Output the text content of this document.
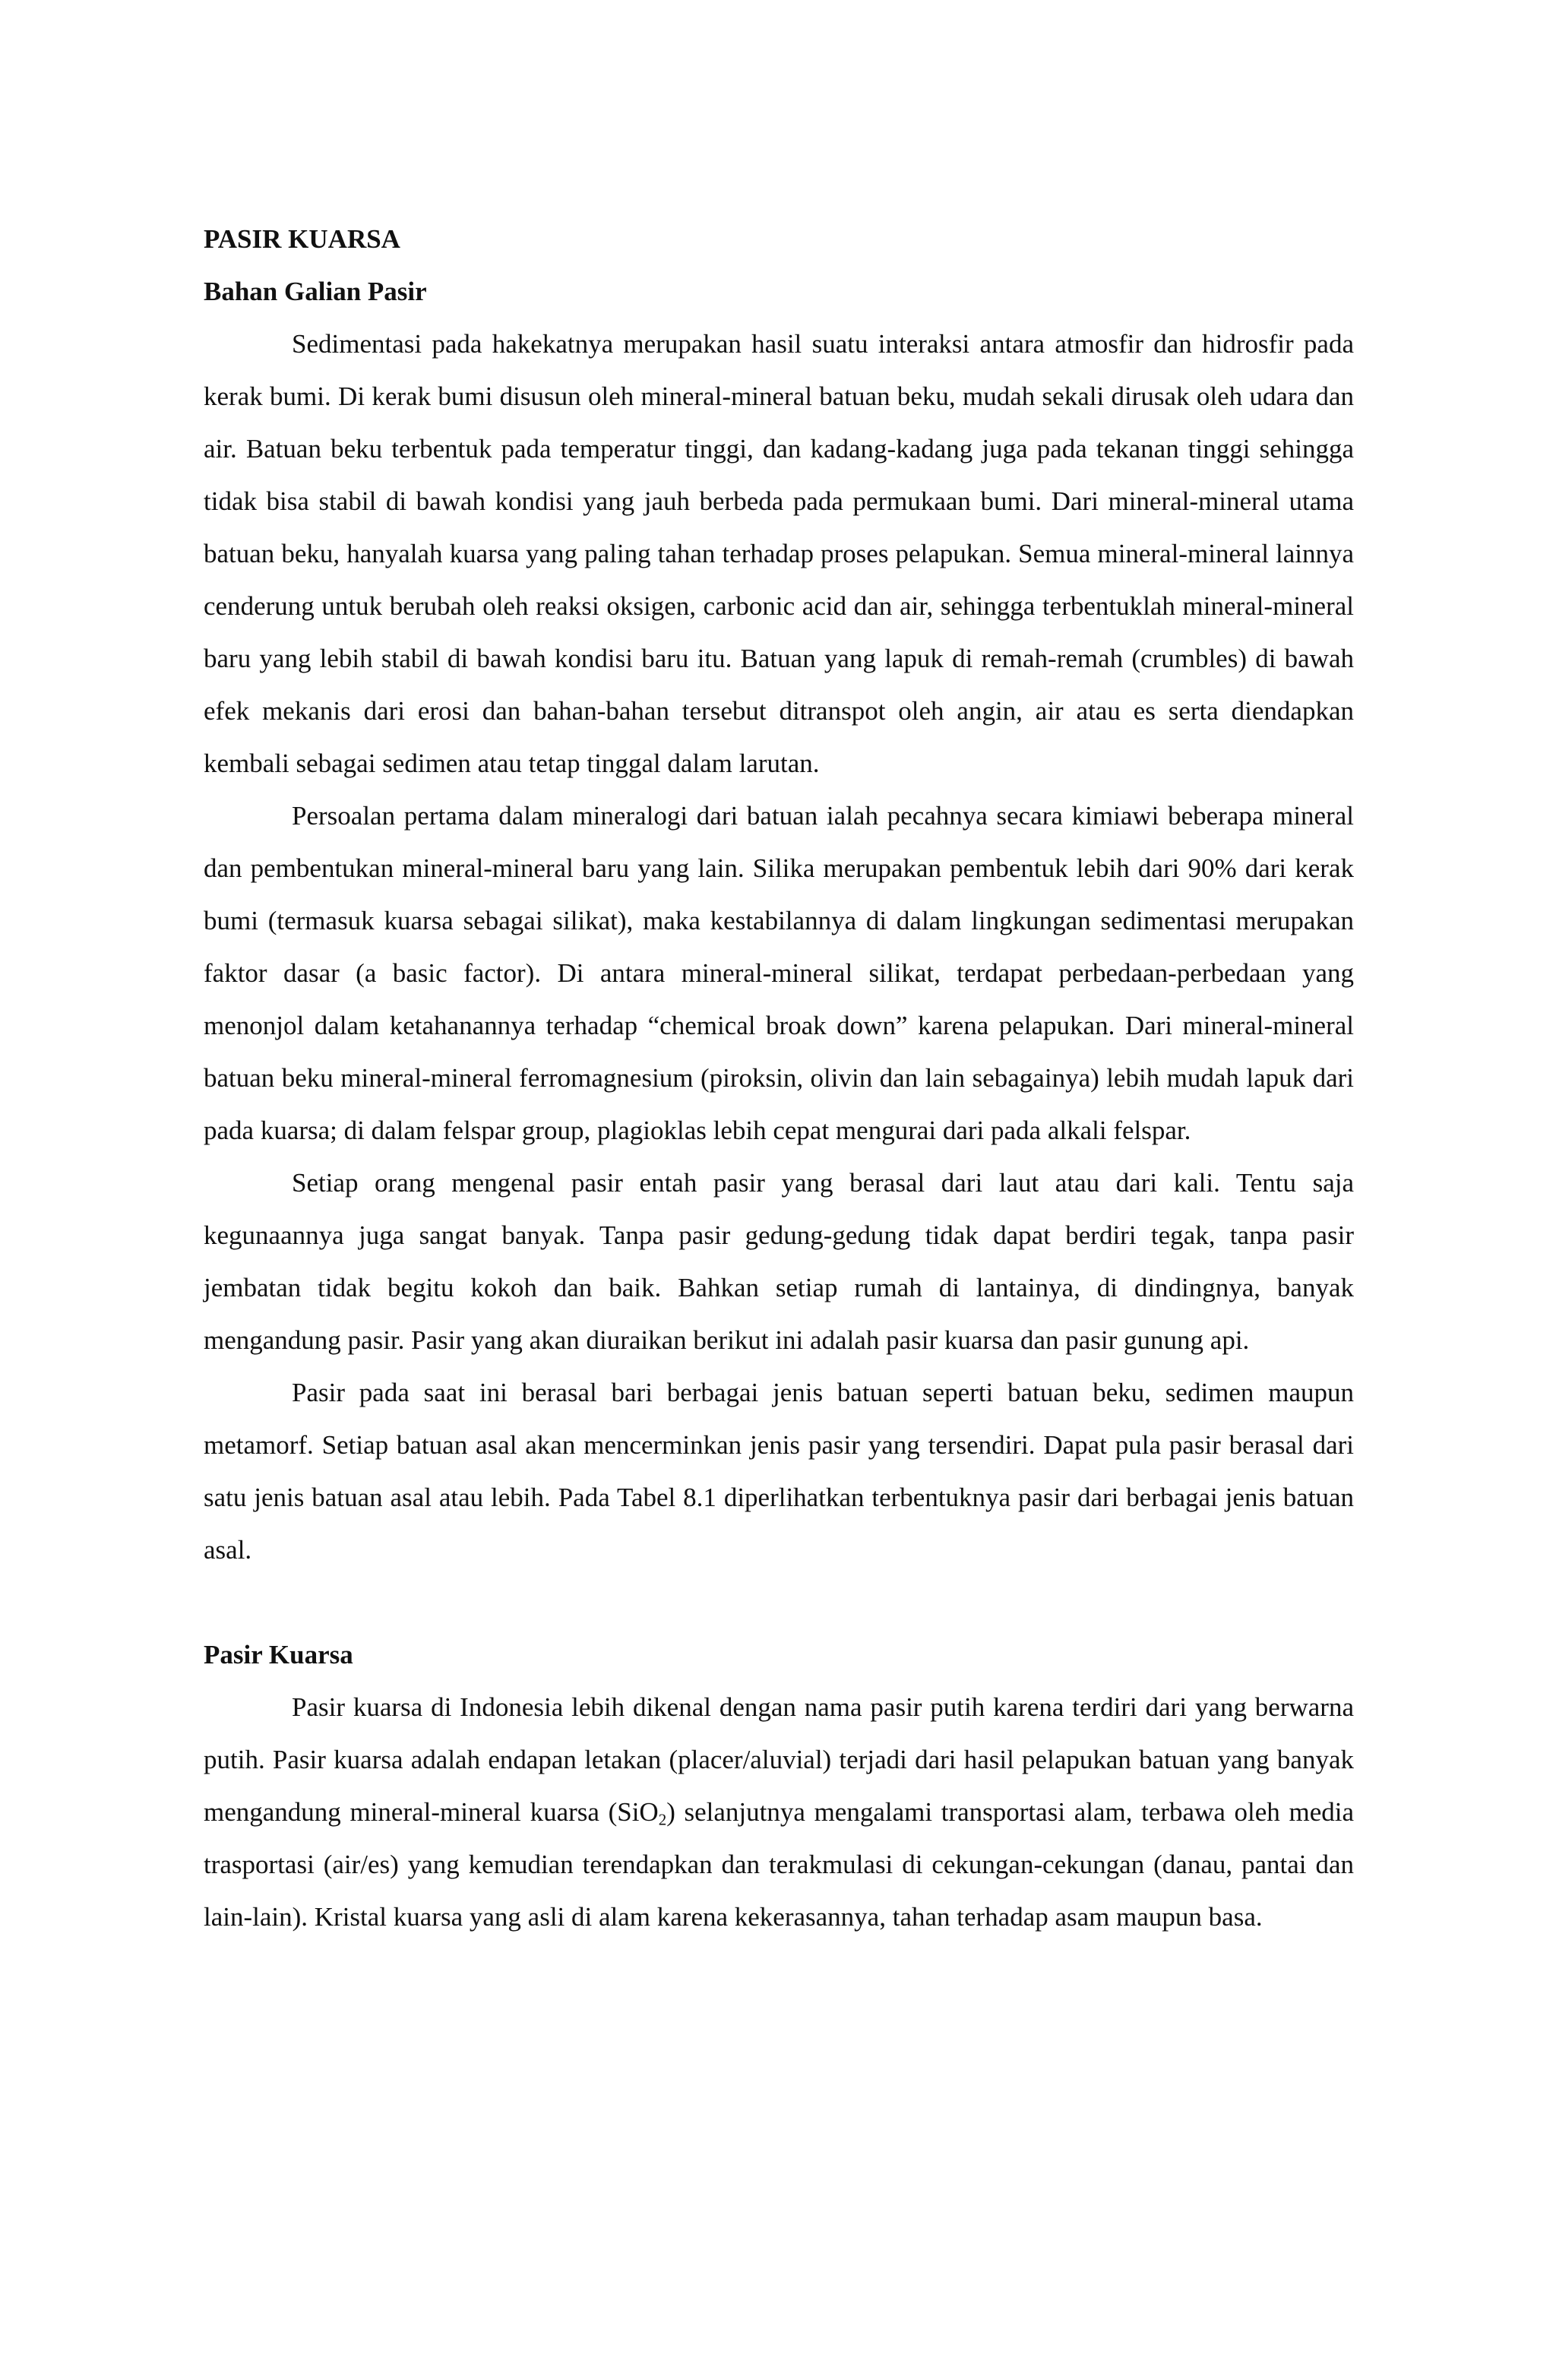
PASIR KUARSA

Bahan Galian Pasir

Sedimentasi pada hakekatnya merupakan hasil suatu interaksi antara atmosfir dan hidrosfir pada kerak bumi. Di kerak bumi disusun oleh mineral-mineral batuan beku, mudah sekali dirusak oleh udara dan air. Batuan beku terbentuk pada temperatur tinggi, dan kadang-kadang juga pada tekanan tinggi sehingga tidak bisa stabil di bawah kondisi yang jauh berbeda pada permukaan bumi. Dari mineral-mineral utama batuan beku, hanyalah kuarsa yang paling tahan terhadap proses pelapukan. Semua mineral-mineral lainnya cenderung untuk berubah oleh reaksi oksigen, carbonic acid dan air, sehingga terbentuklah mineral-mineral baru yang lebih stabil di bawah kondisi baru itu. Batuan yang lapuk di remah-remah (crumbles) di bawah efek mekanis dari erosi dan bahan-bahan tersebut ditranspot oleh angin, air atau es serta diendapkan kembali sebagai sedimen atau tetap tinggal dalam larutan.

Persoalan pertama dalam mineralogi dari batuan ialah pecahnya secara kimiawi beberapa mineral dan pembentukan mineral-mineral baru yang lain. Silika merupakan pembentuk lebih dari 90% dari kerak bumi (termasuk kuarsa sebagai silikat), maka kestabilannya di dalam lingkungan sedimentasi merupakan faktor dasar (a basic factor). Di antara mineral-mineral silikat, terdapat perbedaan-perbedaan yang menonjol dalam ketahanannya terhadap “chemical broak down” karena pelapukan. Dari mineral-mineral batuan beku mineral-mineral ferromagnesium (piroksin, olivin dan lain sebagainya) lebih mudah lapuk dari pada kuarsa; di dalam felspar group, plagioklas lebih cepat mengurai dari pada alkali felspar.

Setiap orang mengenal pasir entah pasir yang berasal dari laut atau dari kali. Tentu saja kegunaannya juga sangat banyak. Tanpa pasir gedung-gedung tidak dapat berdiri tegak, tanpa pasir jembatan tidak begitu kokoh dan baik. Bahkan setiap rumah di lantainya, di dindingnya, banyak mengandung pasir. Pasir yang akan diuraikan berikut ini adalah pasir kuarsa dan pasir gunung api.

Pasir pada saat ini berasal bari berbagai jenis batuan seperti batuan beku, sedimen maupun metamorf. Setiap batuan asal akan mencerminkan jenis pasir yang tersendiri. Dapat pula pasir berasal dari satu jenis batuan asal atau lebih. Pada Tabel 8.1 diperlihatkan terbentuknya pasir dari berbagai jenis batuan asal.

Pasir Kuarsa

Pasir kuarsa di Indonesia lebih dikenal dengan nama pasir putih karena terdiri dari yang berwarna putih. Pasir kuarsa adalah endapan letakan (placer/aluvial) terjadi dari hasil pelapukan batuan yang banyak mengandung mineral-mineral kuarsa (SiO$_2$) selanjutnya mengalami transportasi alam, terbawa oleh media trasportasi (air/es) yang kemudian terendapkan dan terakmulasi di cekungan-cekungan (danau, pantai dan lain-lain). Kristal kuarsa yang asli di alam karena kekerasannya, tahan terhadap asam maupun basa.
